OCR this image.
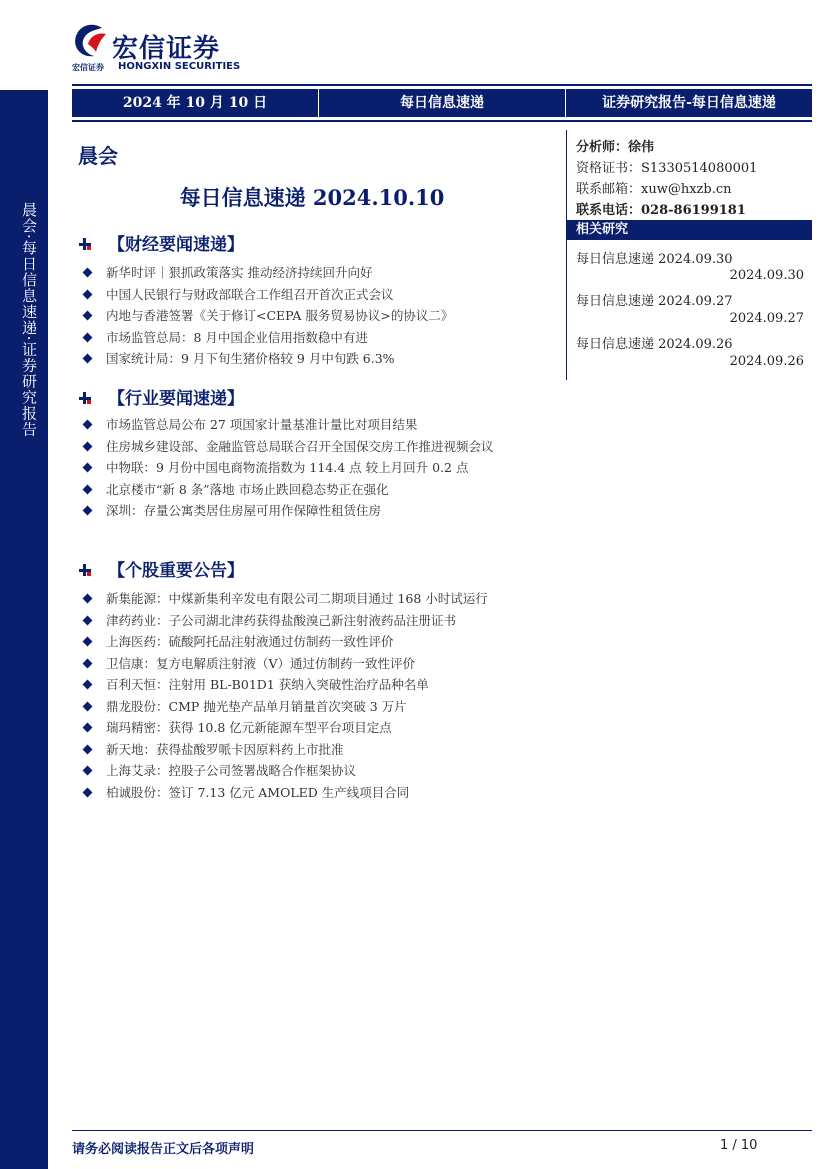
晨会·每日信息速递·证券研究报告
宏信证券
宏信证券 HONGXIN SECURITIES
2024 年 10 月 10 日	每日信息速递	证券研究报告-每日信息速递
晨会
每日信息速递 2024.10.10
【财经要闻速递】
新华时评｜狠抓政策落实 推动经济持续回升向好
中国人民银行与财政部联合工作组召开首次正式会议
内地与香港签署《关于修订<CEPA 服务贸易协议>的协议二》
市场监管总局：8 月中国企业信用指数稳中有进
国家统计局：9 月下旬生猪价格较 9 月中旬跌 6.3%
【行业要闻速递】
市场监管总局公布 27 项国家计量基准计量比对项目结果
住房城乡建设部、金融监管总局联合召开全国保交房工作推进视频会议
中物联：9 月份中国电商物流指数为 114.4 点 较上月回升 0.2 点
北京楼市“新 8 条”落地 市场止跌回稳态势正在强化
深圳：存量公寓类居住房屋可用作保障性租赁住房
【个股重要公告】
新集能源：中煤新集利辛发电有限公司二期项目通过 168 小时试运行
津药药业：子公司湖北津药获得盐酸溴己新注射液药品注册证书
上海医药：硫酸阿托品注射液通过仿制药一致性评价
卫信康：复方电解质注射液（V）通过仿制药一致性评价
百利天恒：注射用 BL-B01D1 获纳入突破性治疗品种名单
鼎龙股份：CMP 抛光垫产品单月销量首次突破 3 万片
瑞玛精密：获得 10.8 亿元新能源车型平台项目定点
新天地：获得盐酸罗哌卡因原料药上市批准
上海艾录：控股子公司签署战略合作框架协议
柏诚股份：签订 7.13 亿元 AMOLED 生产线项目合同
分析师：徐伟
资格证书：S1330514080001
联系邮箱：xuw@hxzb.cn
联系电话：028-86199181
相关研究
每日信息速递 2024.09.30
2024.09.30
每日信息速递 2024.09.27
2024.09.27
每日信息速递 2024.09.26
2024.09.26
请务必阅读报告正文后各项声明	1 / 10
